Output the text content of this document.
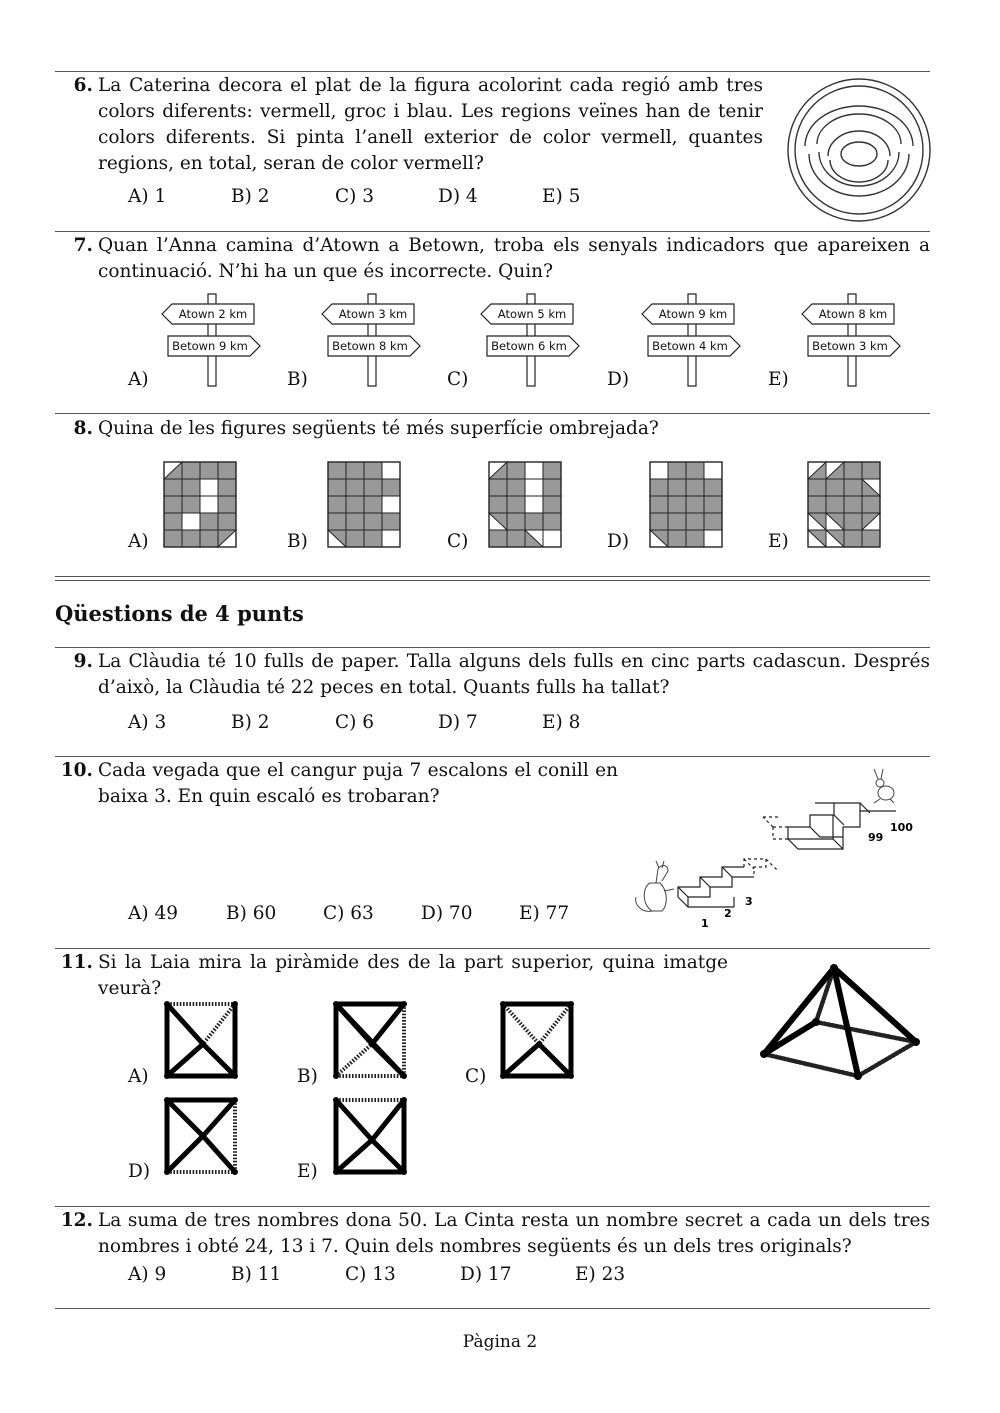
6. La Caterina decora el plat de la figura acolorint cada regió amb tres colors diferents: vermell, groc i blau. Les regions veïnes han de tenir colors diferents. Si pinta l’anell exterior de color vermell, quantes regions, en total, seran de color vermell?
A) 1	B) 2	C) 3	D) 4	E) 5
7. Quan l’Anna camina d’Atown a Betown, troba els senyals indicadors que apareixen a continuació. N’hi ha un que és incorrecte. Quin?
A)
Atown 2 km
Betown 9 km
B)
Atown 3 km
Betown 8 km
C)
Atown 5 km
Betown 6 km
D)
Atown 9 km
Betown 4 km
E)
Atown 8 km
Betown 3 km
8. Quina de les figures següents té més superfície ombrejada?
A)	B)	C)	D)	E)
Qüestions de 4 punts
9. La Clàudia té 10 fulls de paper. Talla alguns dels fulls en cinc parts cadascun. Després d’això, la Clàudia té 22 peces en total. Quants fulls ha tallat?
A) 3	B) 2	C) 6	D) 7	E) 8
10. Cada vegada que el cangur puja 7 escalons el conill en baixa 3. En quin escaló es trobaran?
A) 49	B) 60	C) 63	D) 70	E) 77
99
100
1
2
3
11. Si la Laia mira la piràmide des de la part superior, quina imatge veurà?
A)	B)	C)
D)	E)
12. La suma de tres nombres dona 50. La Cinta resta un nombre secret a cada un dels tres nombres i obté 24, 13 i 7. Quin dels nombres següents és un dels tres originals?
A) 9	B) 11	C) 13	D) 17	E) 23
Pàgina 2
